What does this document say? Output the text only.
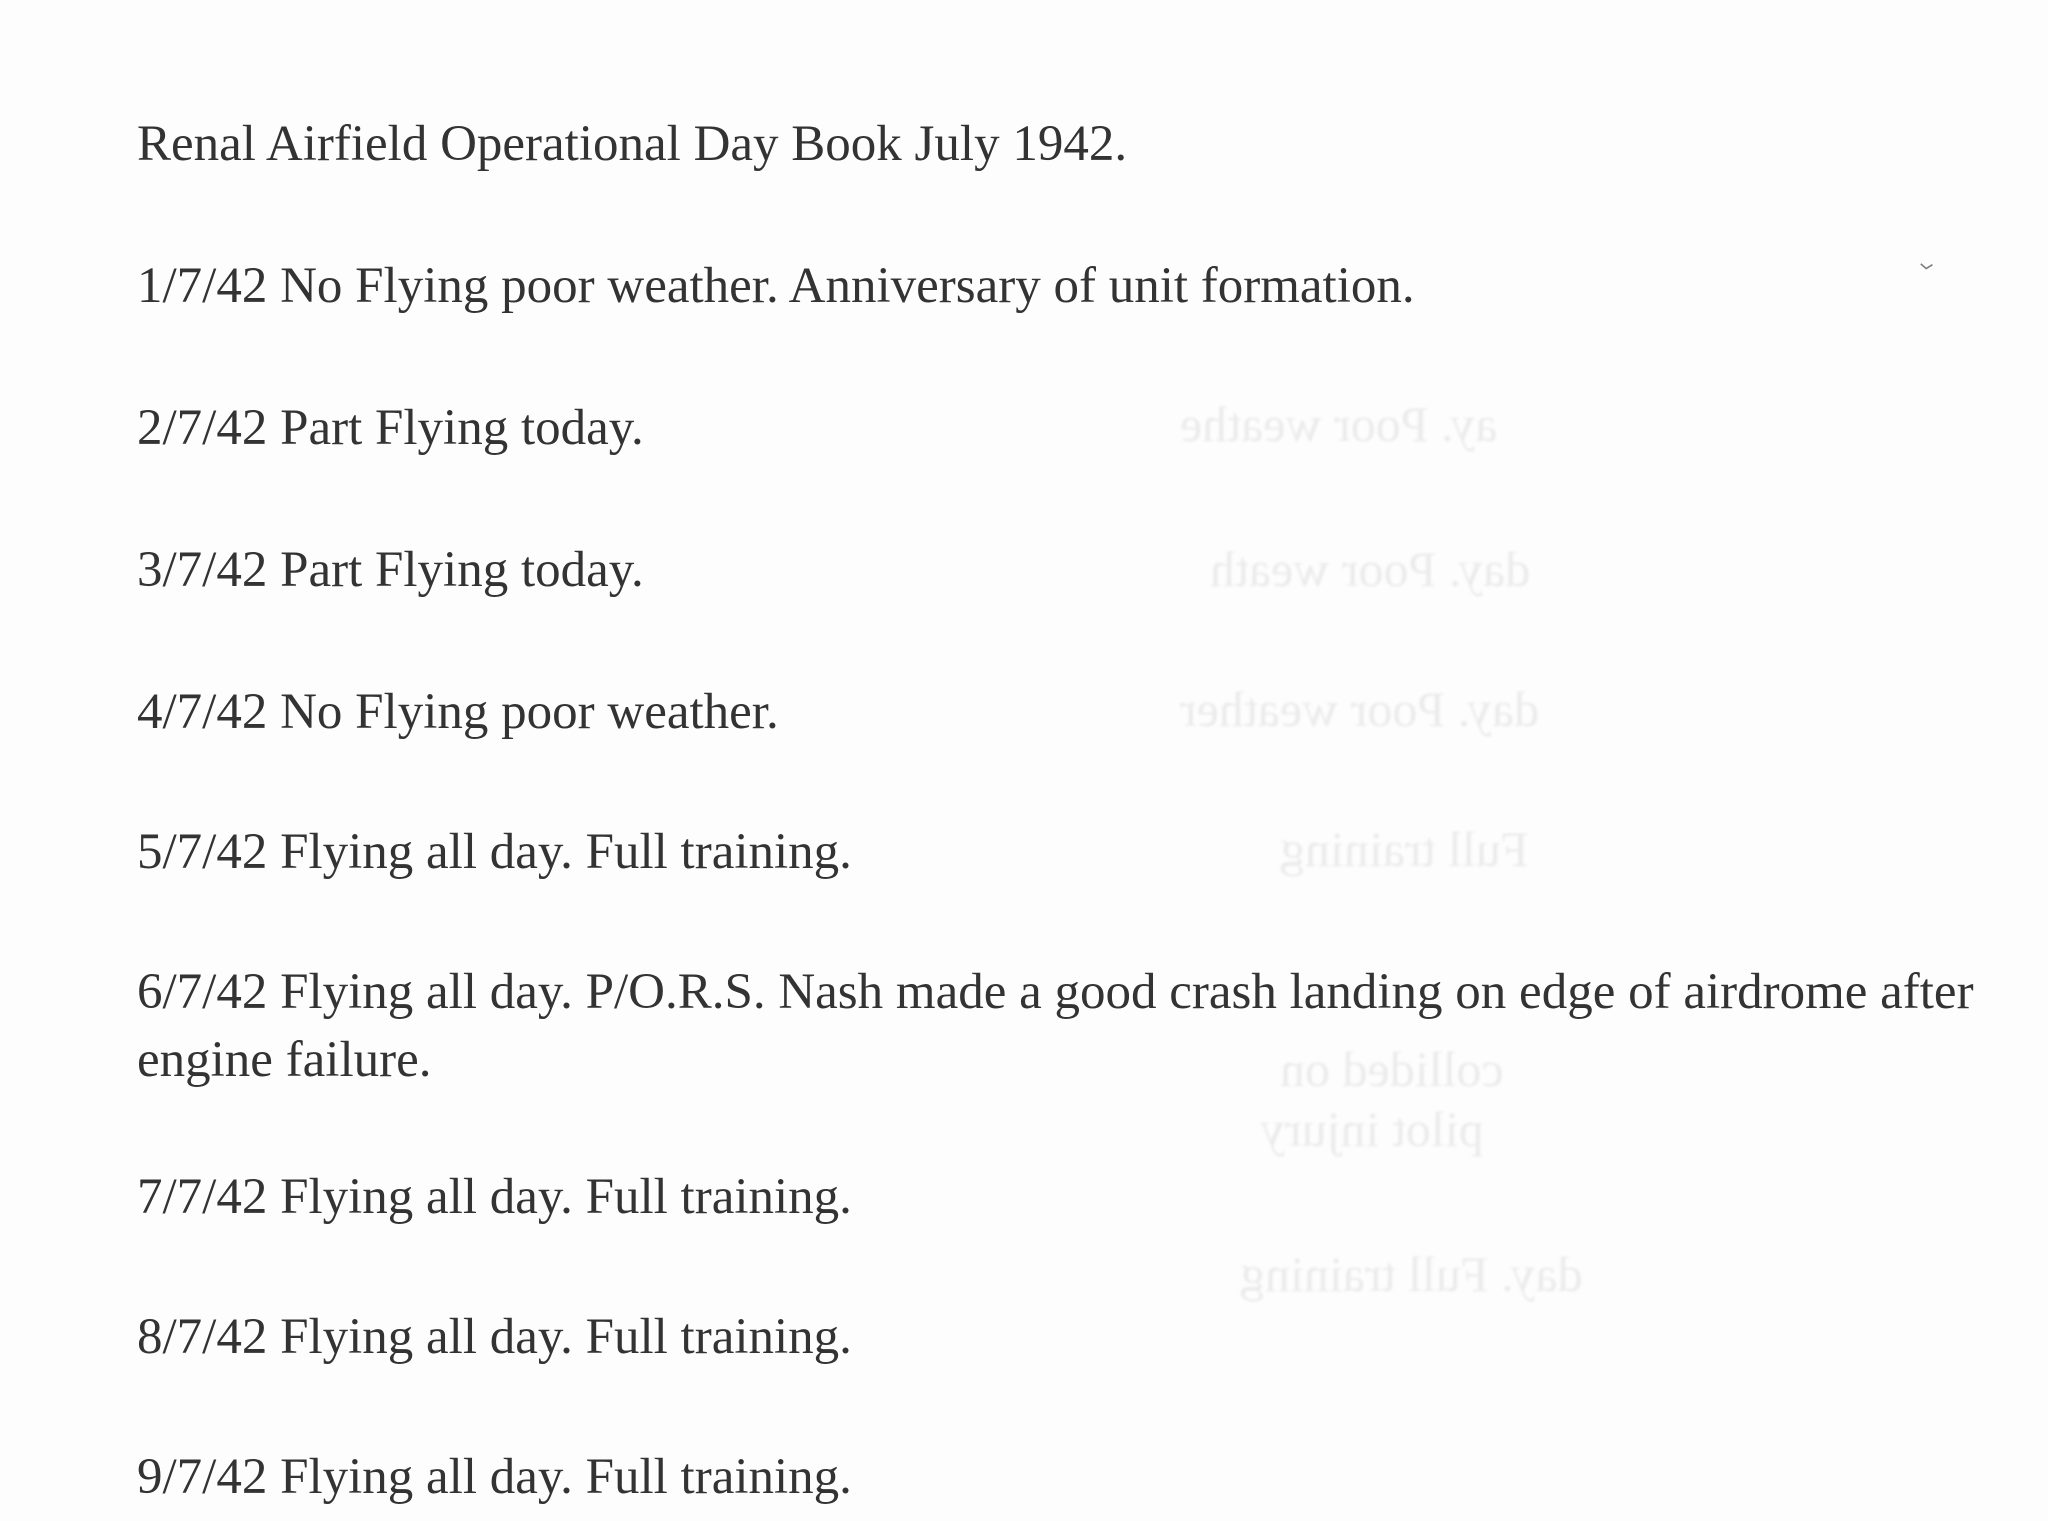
ay. Poor weathe
day. Poor weath
day. Poor weather
Full training
collided on
pilot injury
day. Full training
Renal Airfield Operational Day Book July 1942.
1/7/42 No Flying poor weather. Anniversary of unit formation.
2/7/42 Part Flying today.
3/7/42 Part Flying today.
4/7/42 No Flying poor weather.
5/7/42 Flying all day. Full training.
6/7/42 Flying all day. P/O.R.S. Nash made a good crash landing on edge of airdrome after engine failure.
7/7/42 Flying all day. Full training.
8/7/42 Flying all day. Full training.
9/7/42 Flying all day. Full training.
